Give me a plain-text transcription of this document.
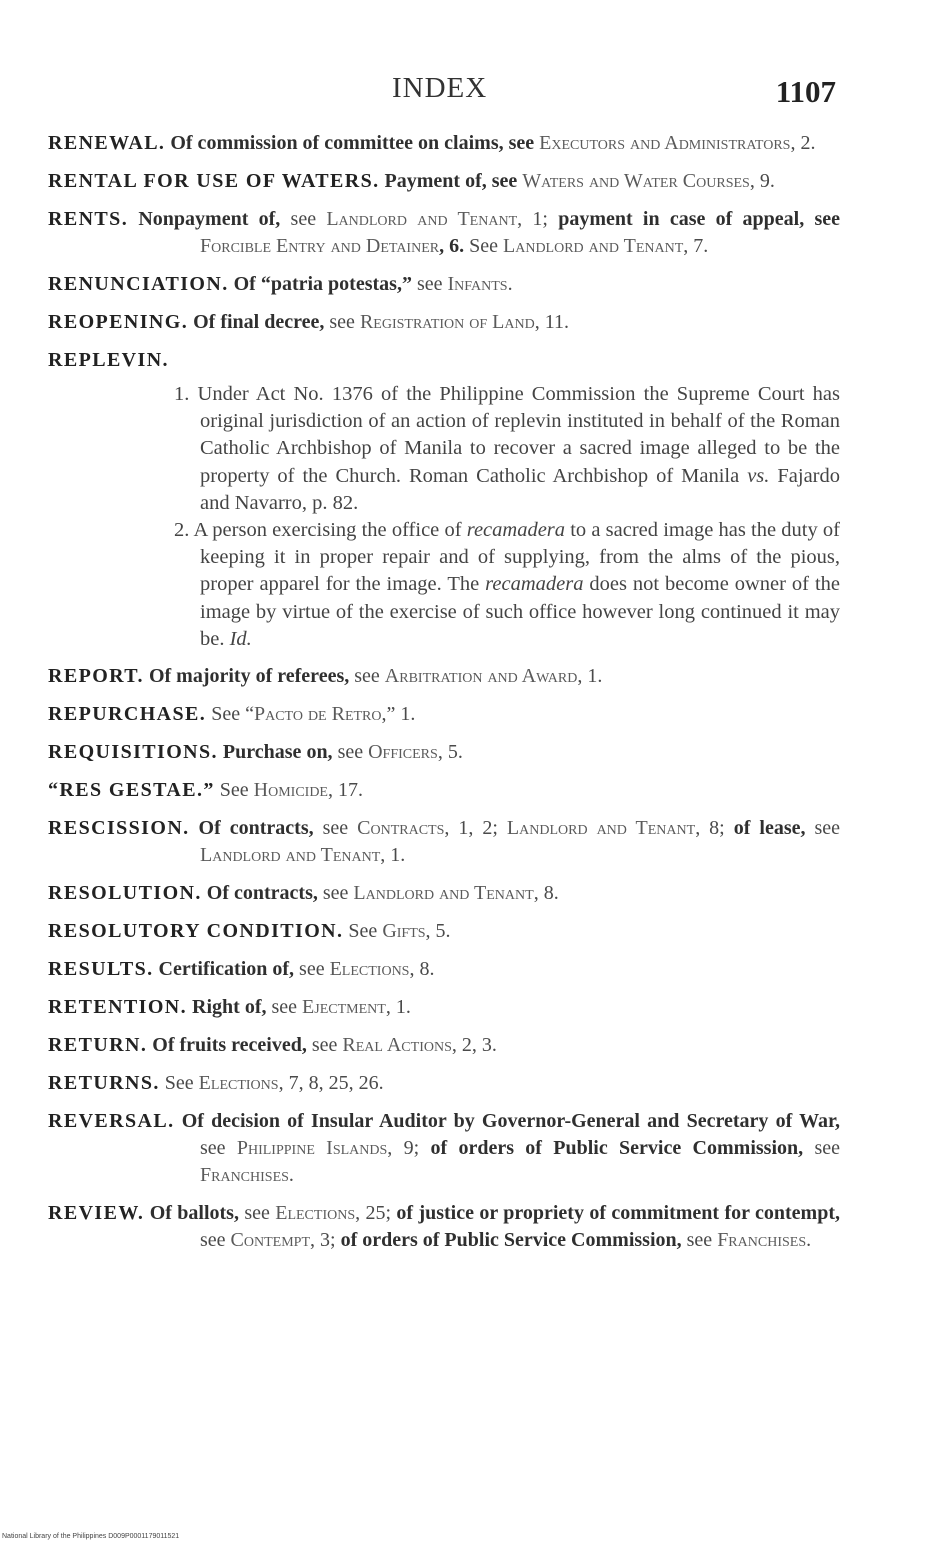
INDEX	1107
RENEWAL. Of commission of committee on claims, see Executors and Administrators, 2.
RENTAL FOR USE OF WATERS. Payment of, see Waters and Water Courses, 9.
RENTS. Nonpayment of, see Landlord and Tenant, 1; payment in case of appeal, see Forcible Entry and Detainer, 6. See Landlord and Tenant, 7.
RENUNCIATION. Of “patria potestas,” see Infants.
REOPENING. Of final decree, see Registration of Land, 11.
REPLEVIN.
1. Under Act No. 1376 of the Philippine Commission the Supreme Court has original jurisdiction of an action of replevin instituted in behalf of the Roman Catholic Archbishop of Manila to recover a sacred image alleged to be the property of the Church. Roman Catholic Archbishop of Manila vs. Fajardo and Navarro, p. 82.
2. A person exercising the office of recamadera to a sacred image has the duty of keeping it in proper repair and of supplying, from the alms of the pious, proper apparel for the image. The recamadera does not become owner of the image by virtue of the exercise of such office however long continued it may be. Id.
REPORT. Of majority of referees, see Arbitration and Award, 1.
REPURCHASE. See “Pacto de Retro,” 1.
REQUISITIONS. Purchase on, see Officers, 5.
“RES GESTAE.” See Homicide, 17.
RESCISSION. Of contracts, see Contracts, 1, 2; Landlord and Tenant, 8; of lease, see Landlord and Tenant, 1.
RESOLUTION. Of contracts, see Landlord and Tenant, 8.
RESOLUTORY CONDITION. See Gifts, 5.
RESULTS. Certification of, see Elections, 8.
RETENTION. Right of, see Ejectment, 1.
RETURN. Of fruits received, see Real Actions, 2, 3.
RETURNS. See Elections, 7, 8, 25, 26.
REVERSAL. Of decision of Insular Auditor by Governor-General and Secretary of War, see Philippine Islands, 9; of orders of Public Service Commission, see Franchises.
REVIEW. Of ballots, see Elections, 25; of justice or propriety of commitment for contempt, see Contempt, 3; of orders of Public Service Commission, see Franchises.
National Library of the Philippines D009P0001179011521
